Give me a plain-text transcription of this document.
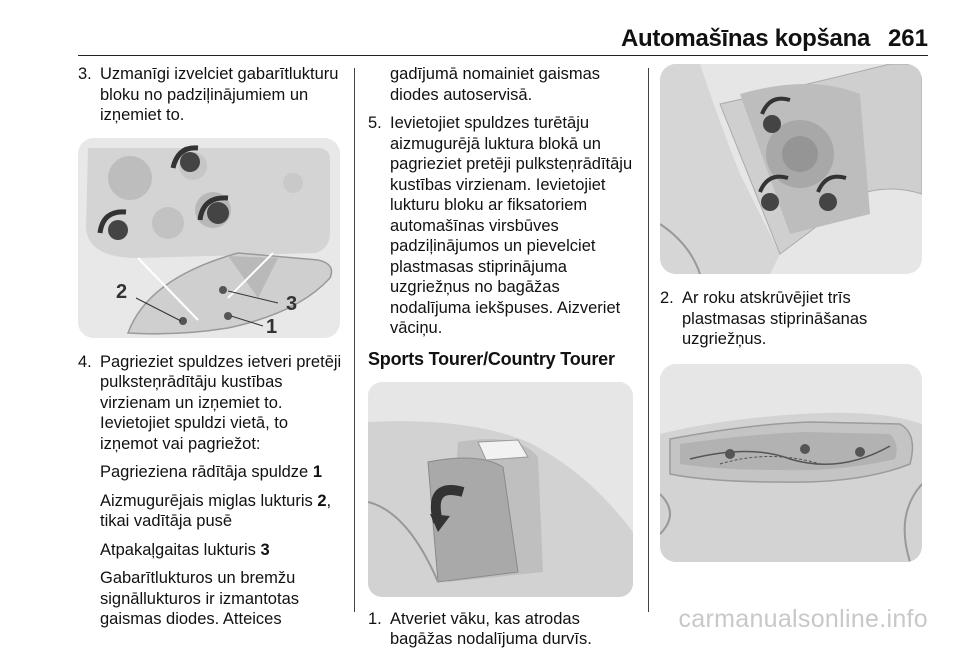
Automašīnas kopšana 261

3. Uzmanīgi izvelciet gabarītlukturu bloku no padziļinājumiem un izņemiet to.

2
3
1

4. Pagrieziet spuldzes ietveri pretēji pulksteņrādītāju kustības virzienam un izņemiet to. Ievietojiet spuldzi vietā, to izņemot vai pagriežot:

Pagrieziena rādītāja spuldze 1
Aizmugurējais miglas lukturis 2, tikai vadītāja pusē
Atpakaļgaitas lukturis 3
Gabarītlukturos un bremžu signāllukturos ir izmantotas gaismas diodes. Atteices

gadījumā nomainiet gaismas diodes autoservisā.

5. Ievietojiet spuldzes turētāju aizmugurējā luktura blokā un pagrieziet pretēji pulksteņrādītāju kustības virzienam. Ievietojiet lukturu bloku ar fiksatoriem automašīnas virsbūves padziļinājumos un pievelciet plastmasas stiprinājuma uzgriežņus no bagāžas nodalījuma iekšpuses. Aizveriet vāciņu.

Sports Tourer/Country Tourer

1. Atveriet vāku, kas atrodas bagāžas nodalījuma durvīs.

2. Ar roku atskrūvējiet trīs plastmasas stiprināšanas uzgriežņus.

carmanualsonline.info
